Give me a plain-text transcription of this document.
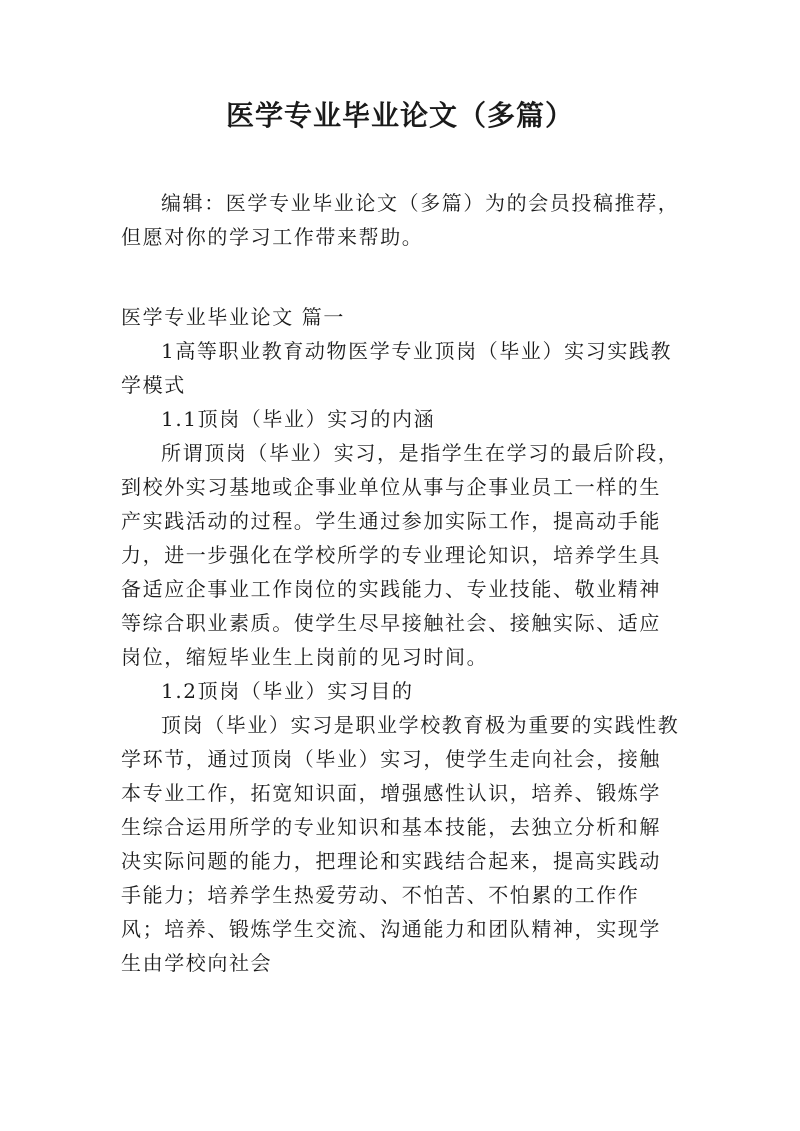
医学专业毕业论文（多篇）

编辑：医学专业毕业论文（多篇）为的会员投稿推荐，但愿对你的学习工作带来帮助。

医学专业毕业论文 篇一

1高等职业教育动物医学专业顶岗（毕业）实习实践教学模式

1.1顶岗（毕业）实习的内涵

所谓顶岗（毕业）实习，是指学生在学习的最后阶段，到校外实习基地或企事业单位从事与企事业员工一样的生产实践活动的过程。学生通过参加实际工作，提高动手能力，进一步强化在学校所学的专业理论知识，培养学生具备适应企事业工作岗位的实践能力、专业技能、敬业精神等综合职业素质。使学生尽早接触社会、接触实际、适应岗位，缩短毕业生上岗前的见习时间。

1.2顶岗（毕业）实习目的

顶岗（毕业）实习是职业学校教育极为重要的实践性教学环节，通过顶岗（毕业）实习，使学生走向社会，接触本专业工作，拓宽知识面，增强感性认识，培养、锻炼学生综合运用所学的专业知识和基本技能，去独立分析和解决实际问题的能力，把理论和实践结合起来，提高实践动手能力；培养学生热爱劳动、不怕苦、不怕累的工作作风；培养、锻炼学生交流、沟通能力和团队精神，实现学生由学校向社会
